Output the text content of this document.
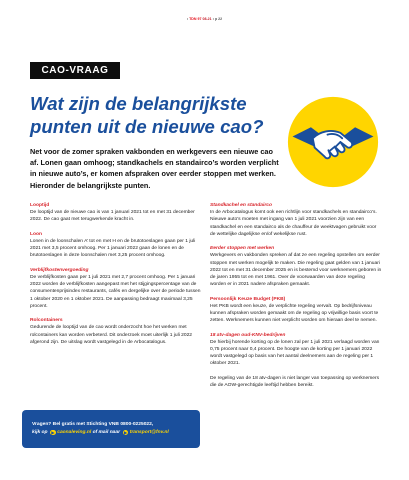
• TDN 97 08-21 • p 22
CAO-VRAAG
Wat zijn de belangrijkste punten uit de nieuwe cao?

Net voor de zomer spraken vakbonden en werkgevers een nieuwe cao af. Lonen gaan omhoog; standkachels en standairco’s worden verplicht in nieuwe auto’s, er komen afspraken over eerder stoppen met werken. Hieronder de belangrijkste punten.

Looptijd
De looptijd van de nieuwe cao is van 1 januari 2021 tot en met 31 december 2022. De cao gaat met terugwerkende kracht in.
Loon
Lonen in de loonschalen A’ tot en met H en de brutotoeslagen gaan per 1 juli 2021 met 3,5 procent omhoog. Per 1 januari 2022 gaan de lonen en de brutotoeslagen in deze loonschalen met 3,25 procent omhoog.
Verblijfkostenvergoeding
De verblijfkosten gaan per 1 juli 2021 met 2,7 procent omhoog. Per 1 januari 2022 worden de verblijfkosten aangepast met het stijgingspercentage van de consumentenprijsindex restaurants, cafés en dergelijke over de periode tussen 1 oktober 2020 en 1 oktober 2021. De aanpassing bedraagt maximaal 3,25 procent.
Rolcontainers
Gedurende de looptijd van de cao wordt onderzocht hoe het werken met rolcontainers kan worden verbeterd. Dit onderzoek moet uiterlijk 1 juli 2022 afgerond zijn. De uitslag wordt vastgelegd in de Arbocatalogus.
Standkachel en standairco
In de Arbocatalogus komt ook een richtlijn voor standkachels en standairco’s. Nieuwe auto’s moeten met ingang van 1 juli 2021 voorzien zijn van een standkachel en een standairco als de chauffeur de weektvagen gebruikt voor de wettelijke dagelijkse en/of wekelijkse rust.
Eerder stoppen met werken
Werkgevers en vakbonden spreken af dat ze een regeling opstellen om eerder stoppen met werken mogelijk te maken. Die regeling gaat gelden van 1 januari 2022 tot en met 31 december 2025 en is bestemd voor werknemers geboren in de jaren 1955 tot en met 1961. Over de voorwaarden van deze regeling worden er in 2021 nadere afspraken gemaakt.
Persoonlijk Keuze Budget (PKB)
Het PKB wordt een keuze, de verplichte regeling vervalt. Op bedrijfsniveau kunnen afspraken worden gemaakt om de regeling op vrijwillige basis voort te zetten. Werknemers kunnen niet verplicht worden om hieraan deel te nemen.
18 atv-dagen oud-KNV-bedrijven
De hierbij horende korting op de lonen zal per 1 juli 2021 verlaagd worden van 0,75 procent naar 0,4 procent. De hoogte van de korting per 1 januari 2022 wordt vastgelegd op basis van het aantal deelnemers aan de regeling per 1 oktober 2021.
De regeling van de 18 atv-dagen is niet langer van toepassing op werknemers die de AOW-gerechtigde leeftijd hebben bereikt.
Vragen? Bel gratis met Stichting VNB 0800-0225022,
kijk op ▶ caonaleving.nl of mail naar ▶ transport@fnv.nl
